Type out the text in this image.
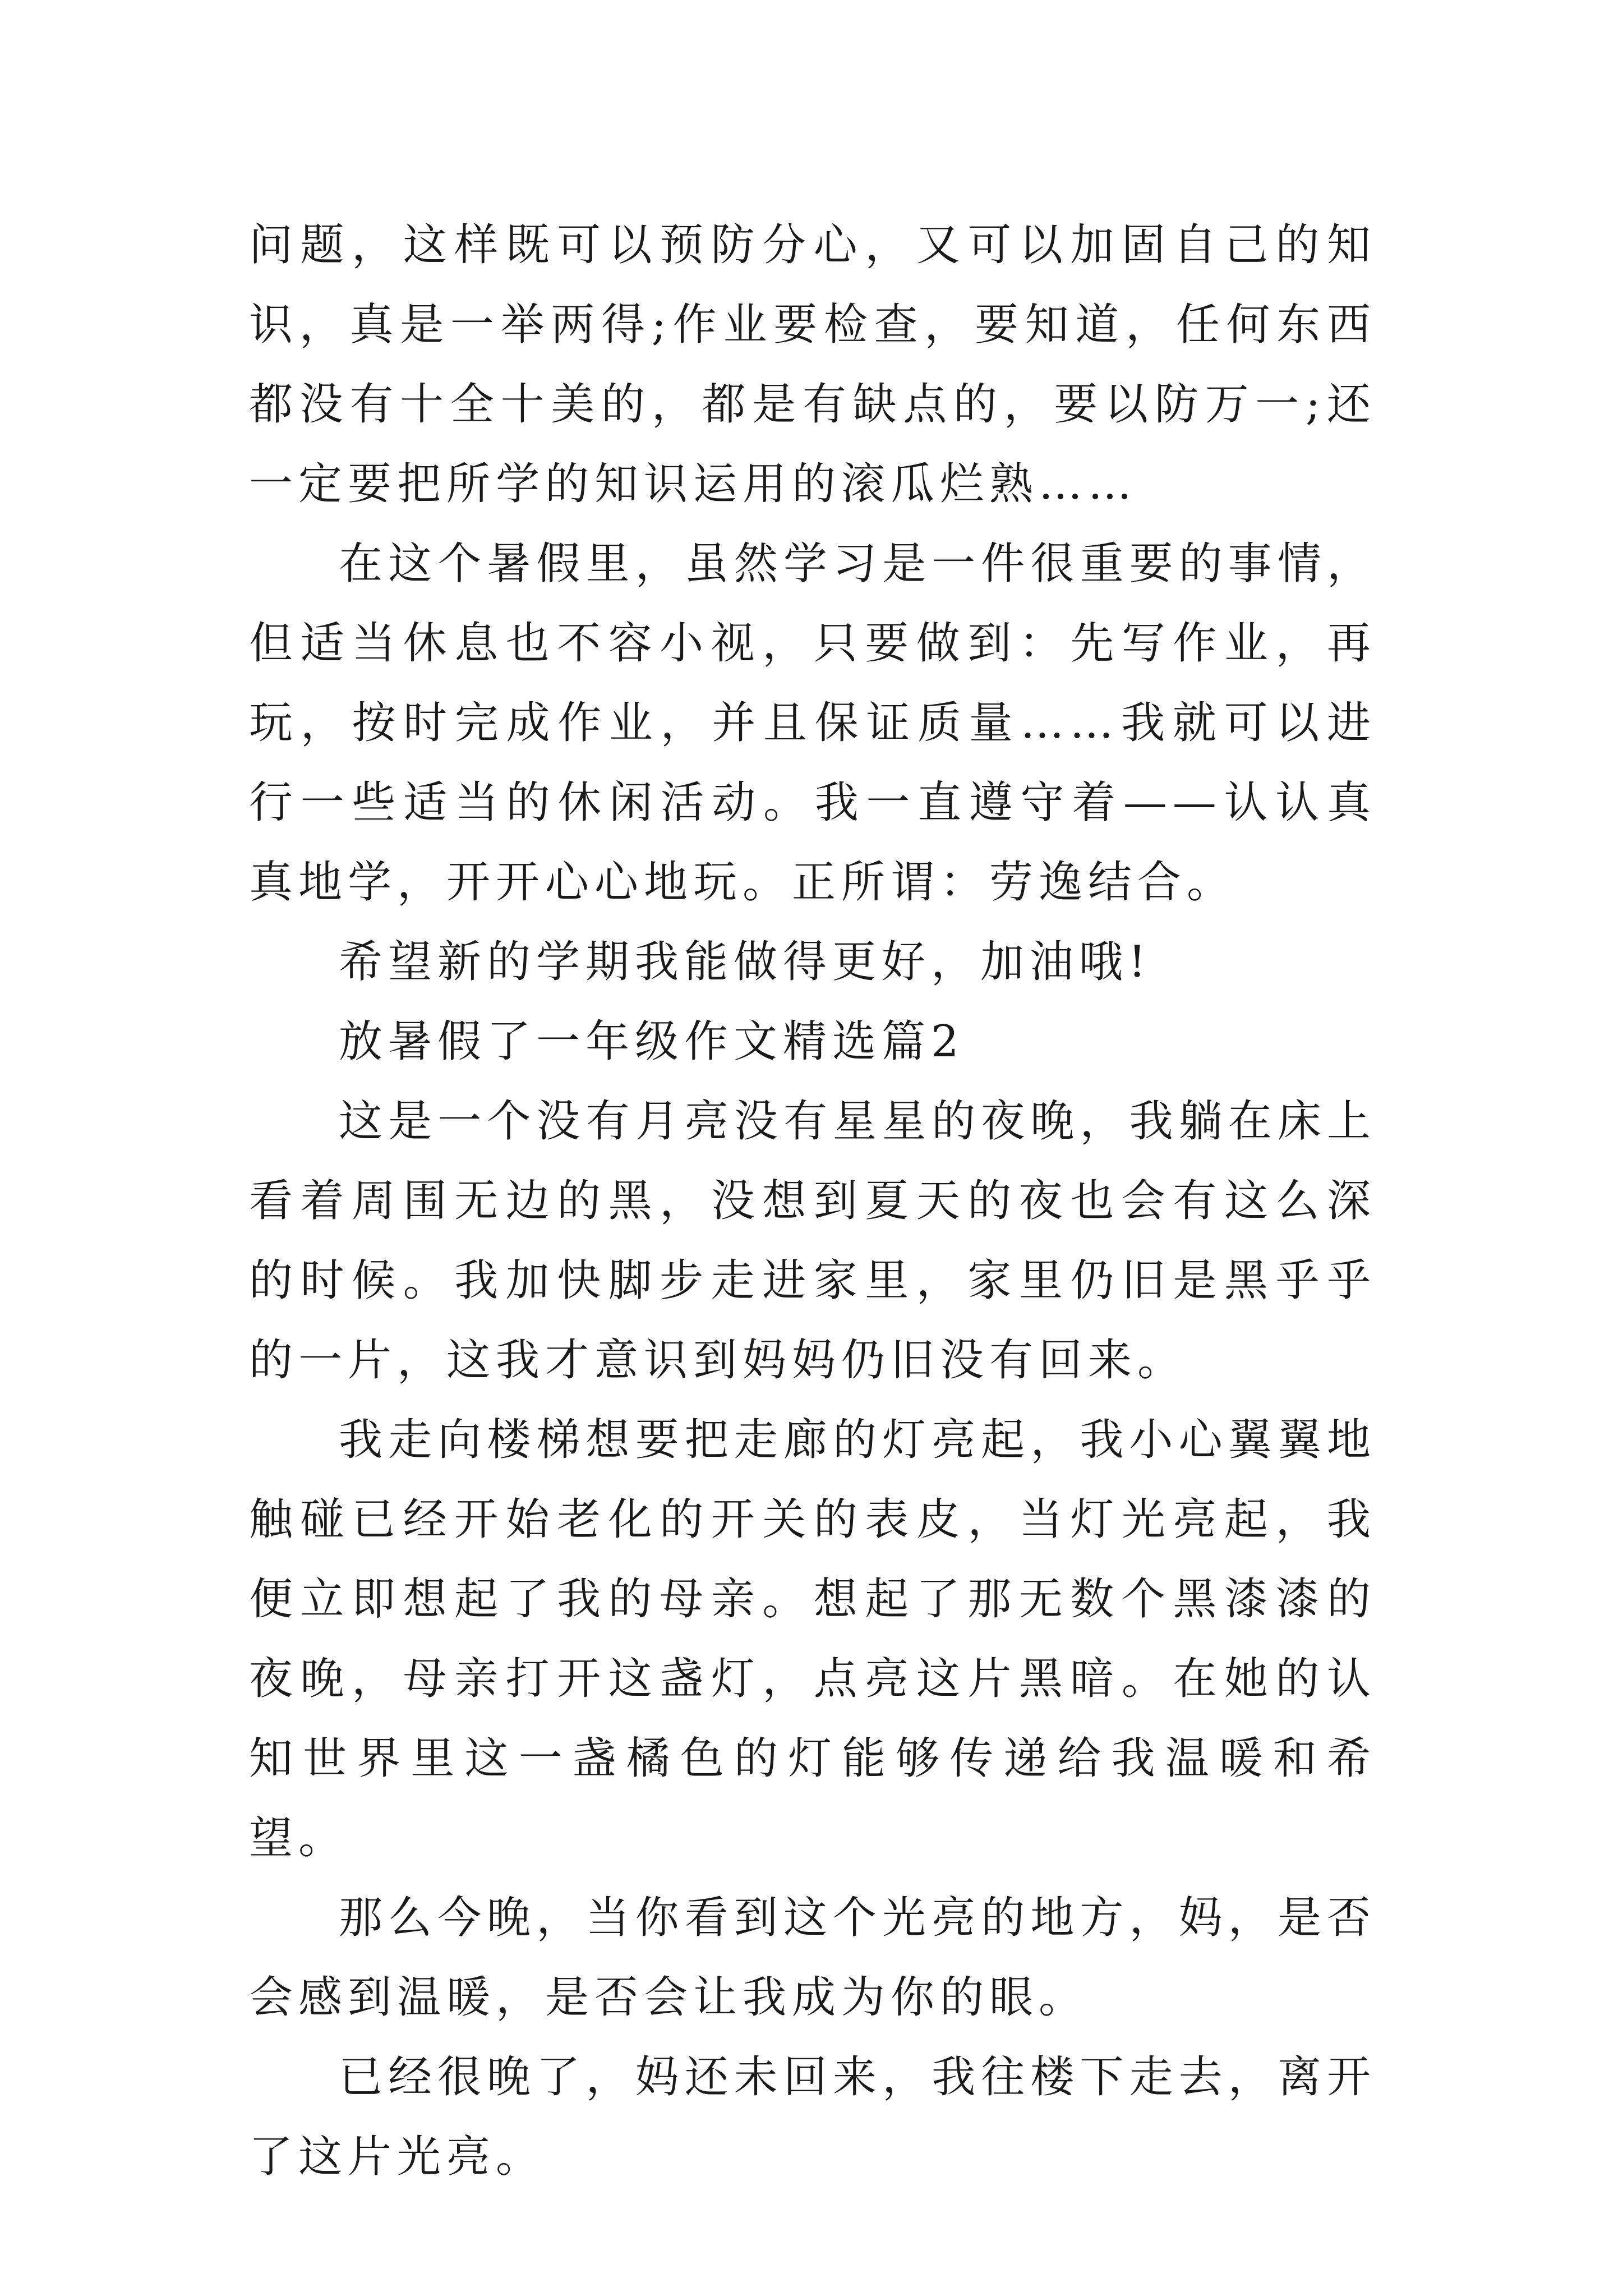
问题，这样既可以预防分心，又可以加固自己的知识，真是一举两得;作业要检查，要知道，任何东西都没有十全十美的，都是有缺点的，要以防万一;还一定要把所学的知识运用的滚瓜烂熟……

在这个暑假里，虽然学习是一件很重要的事情，但适当休息也不容小视，只要做到：先写作业，再玩，按时完成作业，并且保证质量……我就可以进行一些适当的休闲活动。我一直遵守着——认认真真地学，开开心心地玩。正所谓：劳逸结合。

希望新的学期我能做得更好，加油哦!

放暑假了一年级作文精选篇2

这是一个没有月亮没有星星的夜晚，我躺在床上看着周围无边的黑，没想到夏天的夜也会有这么深的时候。我加快脚步走进家里，家里仍旧是黑乎乎的一片，这我才意识到妈妈仍旧没有回来。

我走向楼梯想要把走廊的灯亮起，我小心翼翼地触碰已经开始老化的开关的表皮，当灯光亮起，我便立即想起了我的母亲。想起了那无数个黑漆漆的夜晚，母亲打开这盏灯，点亮这片黑暗。在她的认知世界里这一盏橘色的灯能够传递给我温暖和希望。

那么今晚，当你看到这个光亮的地方，妈，是否会感到温暖，是否会让我成为你的眼。

已经很晚了，妈还未回来，我往楼下走去，离开了这片光亮。
